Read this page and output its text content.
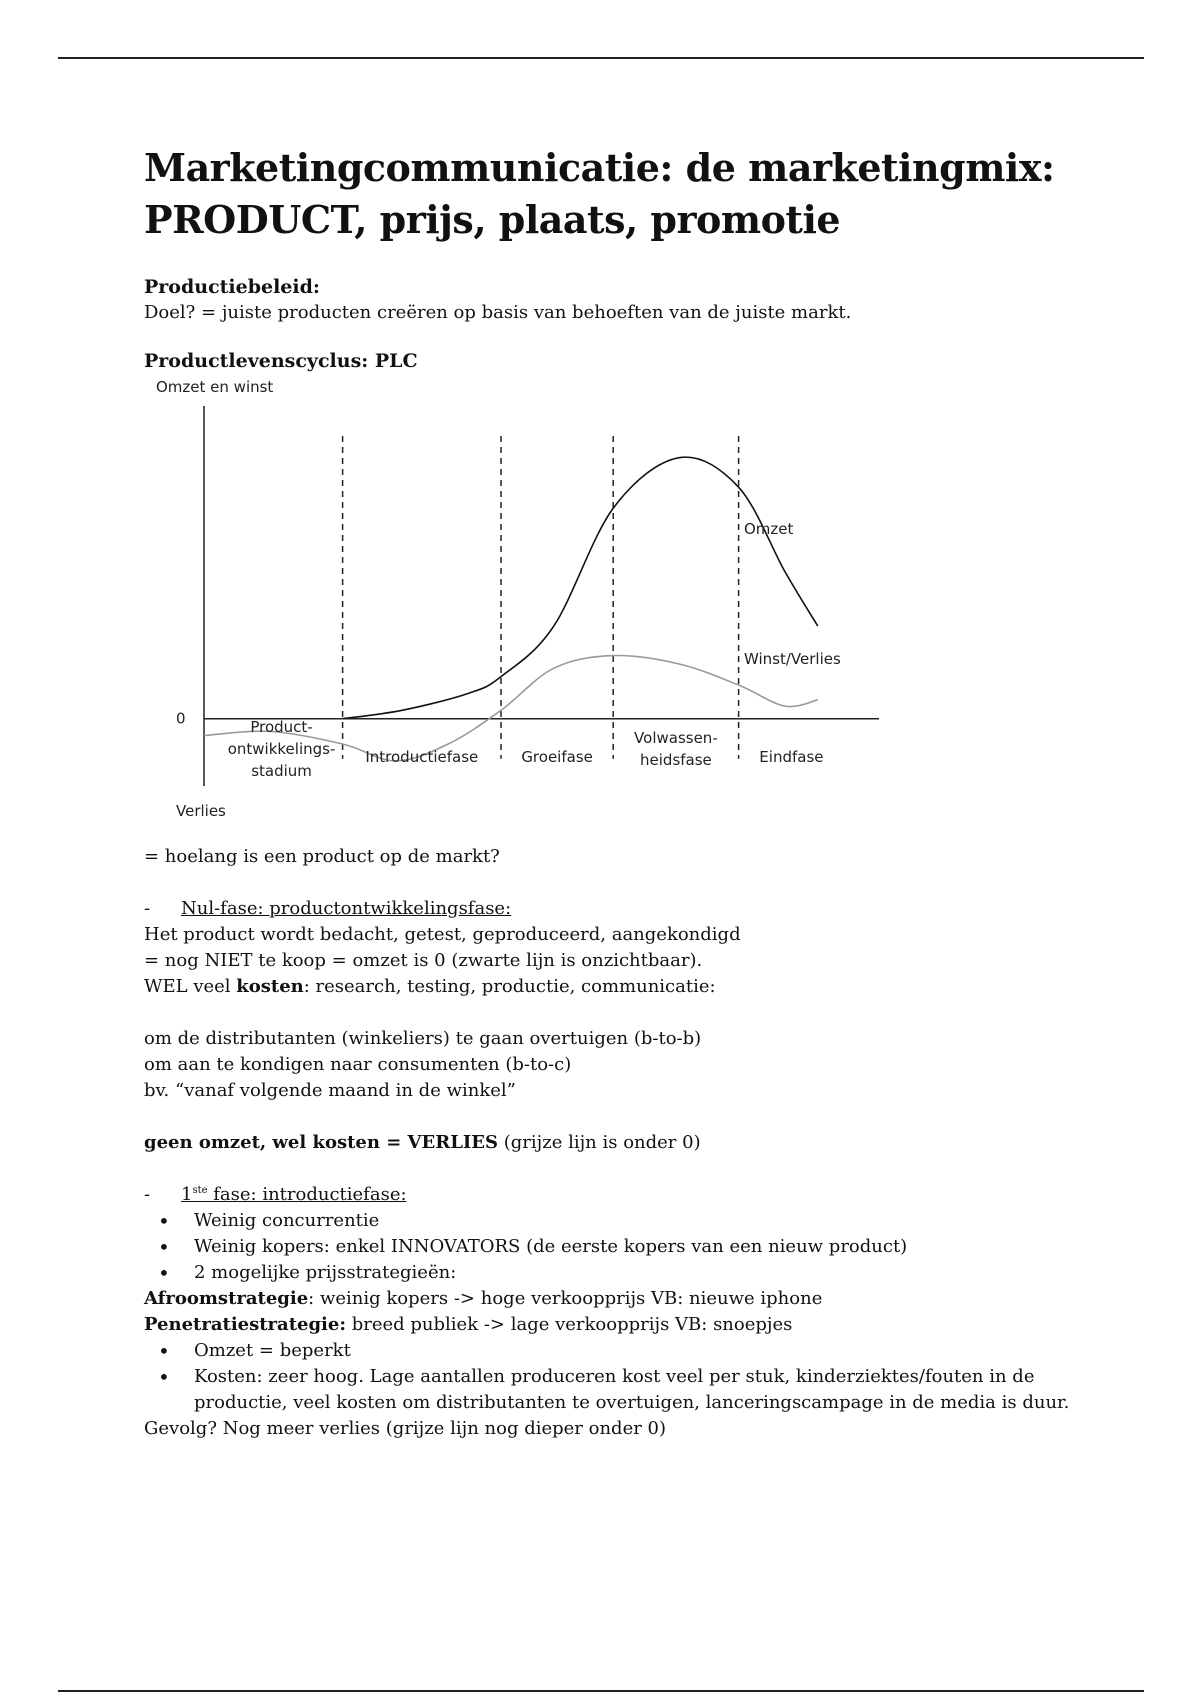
Marketingcommunicatie: de marketingmix:
PRODUCT, prijs, plaats, promotie
Productiebeleid:
Doel? = juiste producten creëren op basis van behoeften van de juiste markt.
Productlevenscyclus: PLC
Omzet en winst
Verlies
0
Omzet
Winst/Verlies
Product-
ontwikkelings-
stadium
Introductiefase	Groeifase
Volwassen-
heidsfase	Eindfase
= hoelang is een product op de markt?
- Nul-fase: productontwikkelingsfase:
Het product wordt bedacht, getest, geproduceerd, aangekondigd
= nog NIET te koop = omzet is 0 (zwarte lijn is onzichtbaar).
WEL veel kosten: research, testing, productie, communicatie:
om de distributanten (winkeliers) te gaan overtuigen (b-to-b)
om aan te kondigen naar consumenten (b-to-c)
bv. “vanaf volgende maand in de winkel”
geen omzet, wel kosten = VERLIES (grijze lijn is onder 0)
- 1ste fase: introductiefase:
• Weinig concurrentie
• Weinig kopers: enkel INNOVATORS (de eerste kopers van een nieuw product)
• 2 mogelijke prijsstrategieën:
Afroomstrategie: weinig kopers -> hoge verkoopprijs VB: nieuwe iphone
Penetratiestrategie: breed publiek -> lage verkoopprijs VB: snoepjes
• Omzet = beperkt
• Kosten: zeer hoog. Lage aantallen produceren kost veel per stuk, kinderziektes/fouten in de productie, veel kosten om distributanten te overtuigen, lanceringscampage in de media is duur.
Gevolg? Nog meer verlies (grijze lijn nog dieper onder 0)
